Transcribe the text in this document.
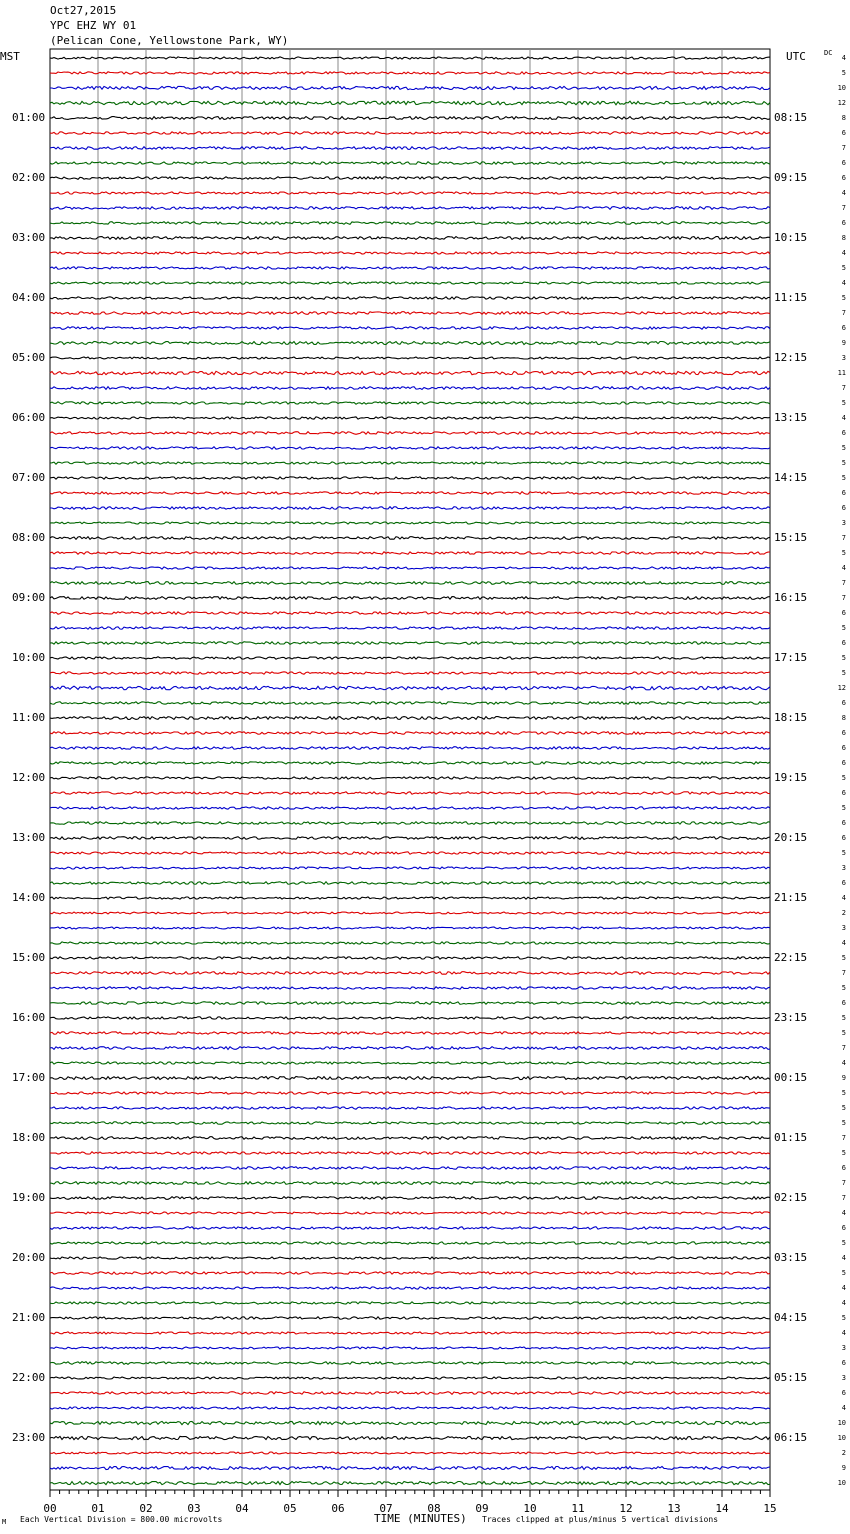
Oct27,2015
YPC EHZ WY 01
(Pelican Cone, Yellowstone Park, WY)
MST	UTC	DC
01:00
02:00
03:00
04:00
05:00
06:00
07:00
08:00
09:00
10:00
11:00
12:00
13:00
14:00
15:00
16:00
17:00
18:00
19:00
20:00
21:00
22:00
23:00
08:15
09:15
10:15
11:15
12:15
13:15
14:15
15:15
16:15
17:15
18:15
19:15
20:15
21:15
22:15
23:15
00:15
01:15
02:15
03:15
04:15
05:15
06:15
4
5
10
12
8
6
7
6
6
4
7
6
8
4
5
4
5
7
6
9
3
11
7
5
4
6
5
5
5
6
6
3
7
5
4
7
7
6
5
6
5
5
12
6
8
6
6
6
5
6
5
6
6
5
3
6
4
2
3
4
5
7
5
6
5
5
7
4
9
5
5
5
7
5
6
7
7
4
6
5
4
5
4
4
5
4
3
6
3
6
4
10
10
2
9
10
00	01	02	03	04	05	06	07	08	09	10	11	12	13	14	15
TIME (MINUTES)
Each Vertical Division = 800.00 microvolts	Traces clipped at plus/minus 5 vertical divisions
M
